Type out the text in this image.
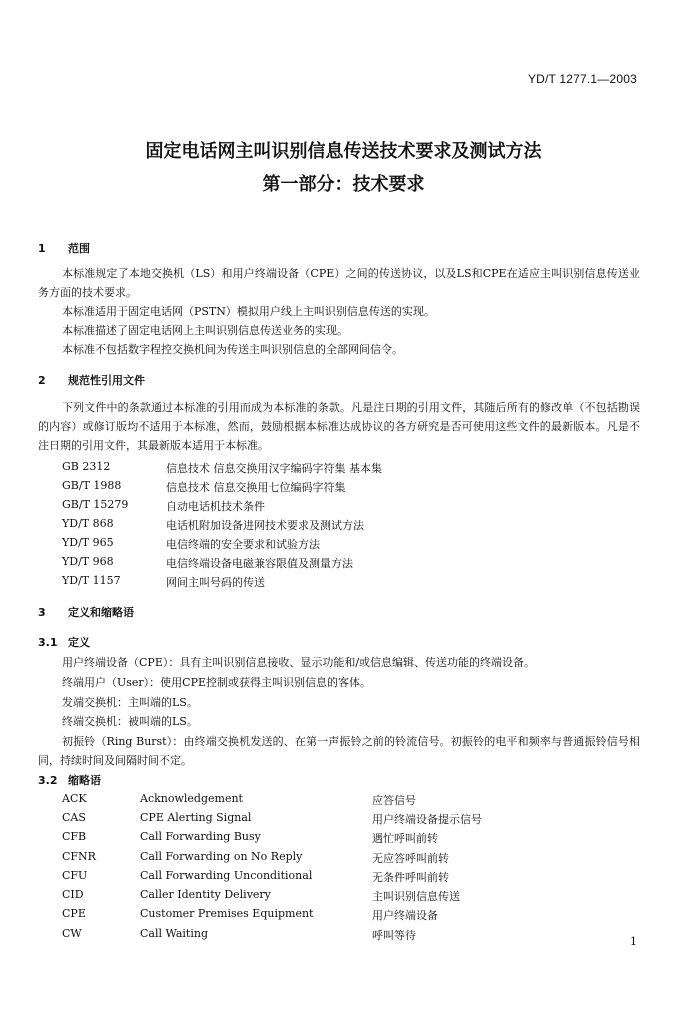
YD/T 1277.1—2003
固定电话网主叫识别信息传送技术要求及测试方法
第一部分：技术要求
1 范围
本标准规定了本地交换机（LS）和用户终端设备（CPE）之间的传送协议，以及LS和CPE在适应主叫识别信息传送业务方面的技术要求。
本标准适用于固定电话网（PSTN）模拟用户线上主叫识别信息传送的实现。
本标准描述了固定电话网上主叫识别信息传送业务的实现。
本标准不包括数字程控交换机间为传送主叫识别信息的全部网间信令。
2 规范性引用文件
下列文件中的条款通过本标准的引用而成为本标准的条款。凡是注日期的引用文件，其随后所有的修改单（不包括勘误的内容）或修订版均不适用于本标准，然而，鼓励根据本标准达成协议的各方研究是否可使用这些文件的最新版本。凡是不注日期的引用文件，其最新版本适用于本标准。
GB 2312	信息技术 信息交换用汉字编码字符集 基本集
GB/T 1988	信息技术 信息交换用七位编码字符集
GB/T 15279	自动电话机技术条件
YD/T 868	电话机附加设备进网技术要求及测试方法
YD/T 965	电信终端的安全要求和试验方法
YD/T 968	电信终端设备电磁兼容限值及测量方法
YD/T 1157	网间主叫号码的传送
3 定义和缩略语
3.1 定义
用户终端设备（CPE）：具有主叫识别信息接收、显示功能和/或信息编辑、传送功能的终端设备。
终端用户（User）：使用CPE控制或获得主叫识别信息的客体。
发端交换机：主叫端的LS。
终端交换机：被叫端的LS。
初振铃（Ring Burst）：由终端交换机发送的、在第一声振铃之前的铃流信号。初振铃的电平和频率与普通振铃信号相同，持续时间及间隔时间不定。
3.2 缩略语
ACK	Acknowledgement	应答信号
CAS	CPE Alerting Signal	用户终端设备提示信号
CFB	Call Forwarding Busy	遇忙呼叫前转
CFNR	Call Forwarding on No Reply	无应答呼叫前转
CFU	Call Forwarding Unconditional	无条件呼叫前转
CID	Caller Identity Delivery	主叫识别信息传送
CPE	Customer Premises Equipment	用户终端设备
CW	Call Waiting	呼叫等待	1
